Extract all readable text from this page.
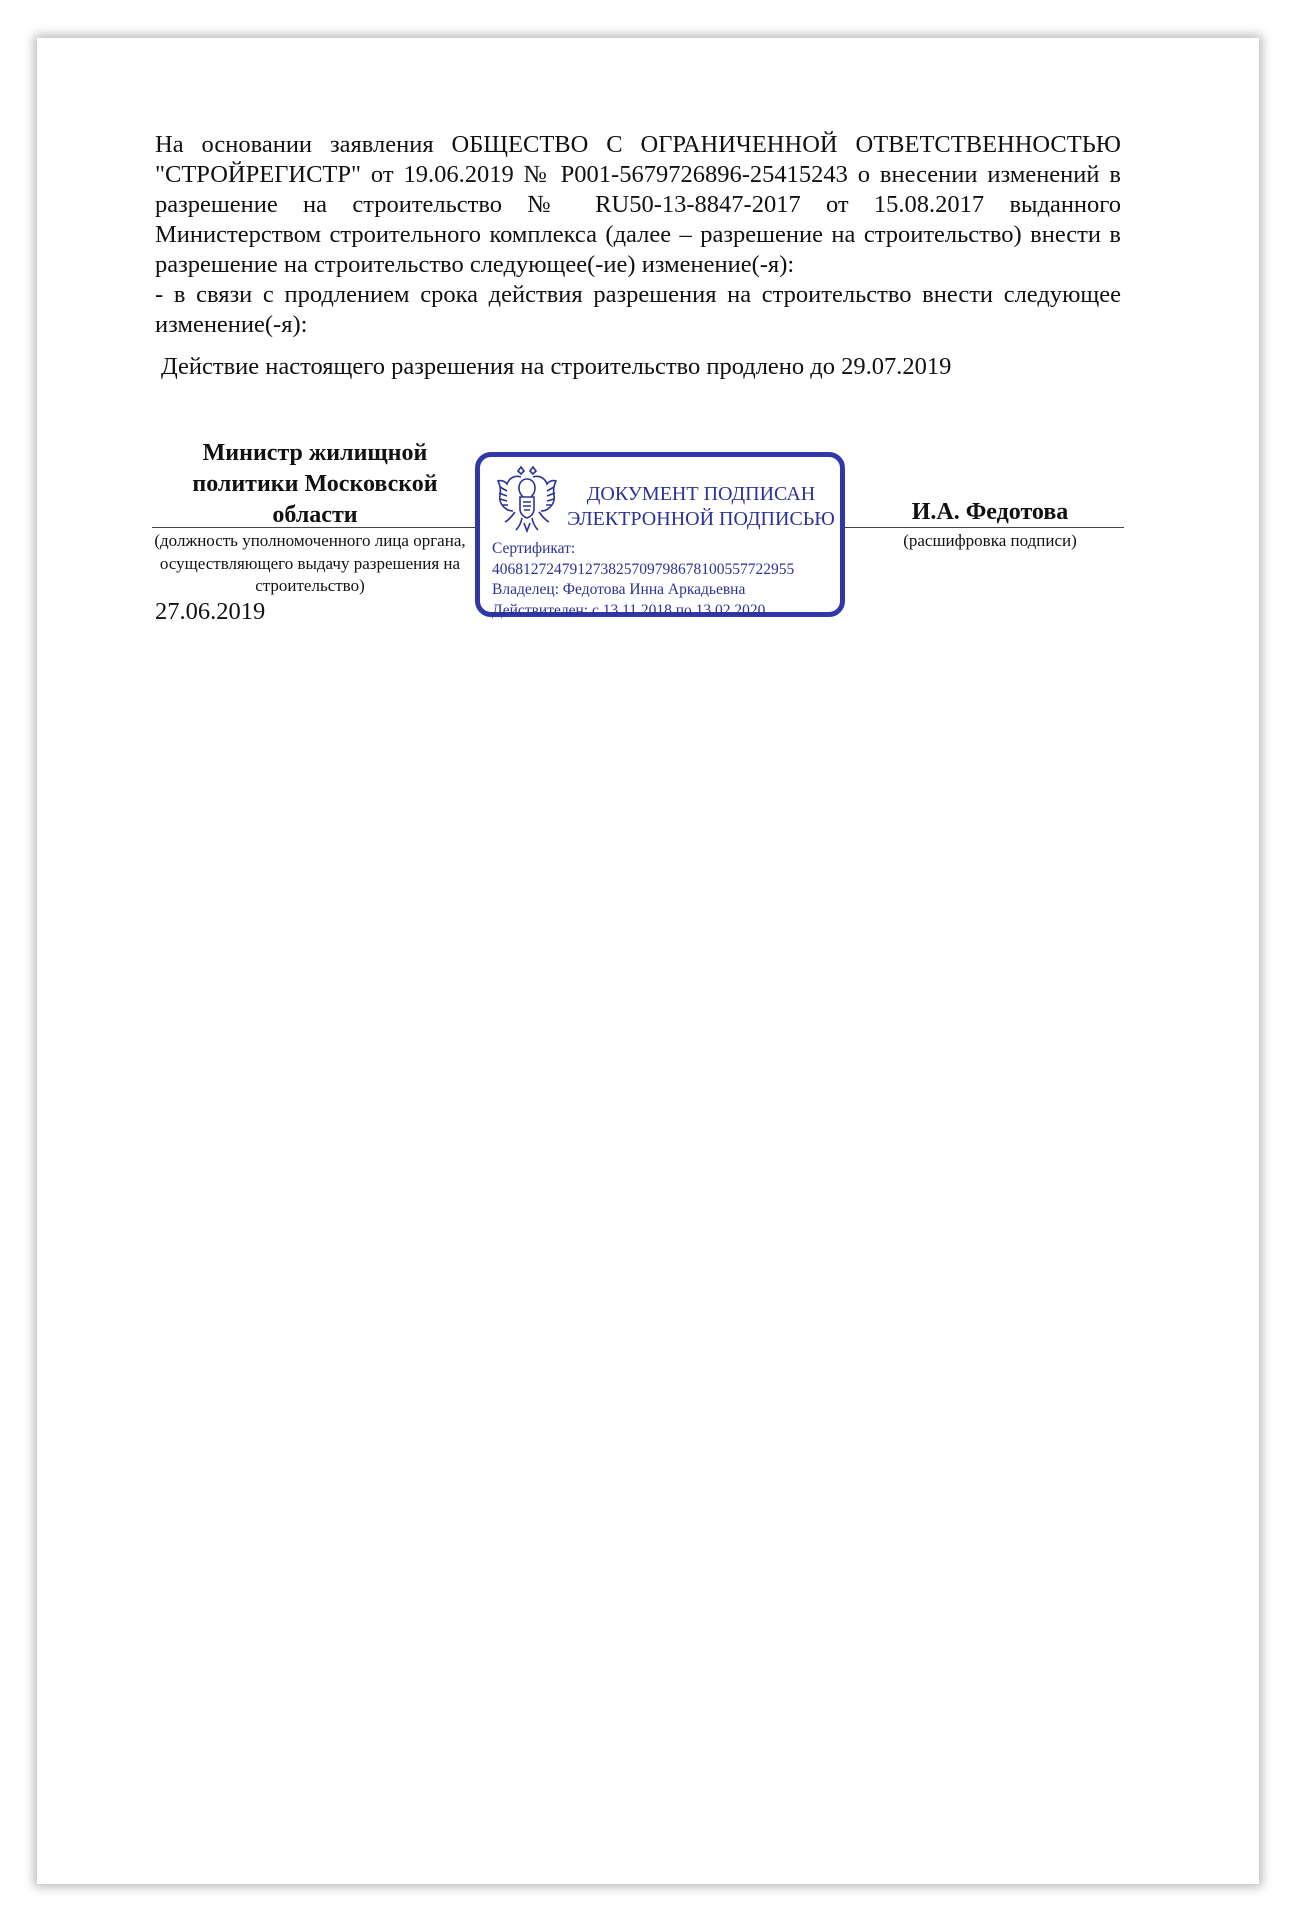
На основании заявления ОБЩЕСТВО С ОГРАНИЧЕННОЙ ОТВЕТСТВЕННОСТЬЮ "СТРОЙРЕГИСТР" от 19.06.2019 № P001-5679726896-25415243 о внесении изменений в разрешение на строительство № RU50-13-8847-2017 от 15.08.2017 выданного Министерством строительного комплекса (далее – разрешение на строительство) внести в разрешение на строительство следующее(-ие) изменение(-я):

- в связи с продлением срока действия разрешения на строительство внести следующее изменение(-я):

Действие настоящего разрешения на строительство продлено до 29.07.2019
Министр жилищной политики Московской области
(должность уполномоченного лица органа, осуществляющего выдачу разрешения на строительство)
27.06.2019
ДОКУМЕНТ ПОДПИСАН
ЭЛЕКТРОННОЙ ПОДПИСЬЮ
Сертификат:
406812724791273825709798678100557722955
Владелец: Федотова Инна Аркадьевна
Действителен: с 13.11.2018 по 13.02.2020
И.А. Федотова
(расшифровка подписи)
